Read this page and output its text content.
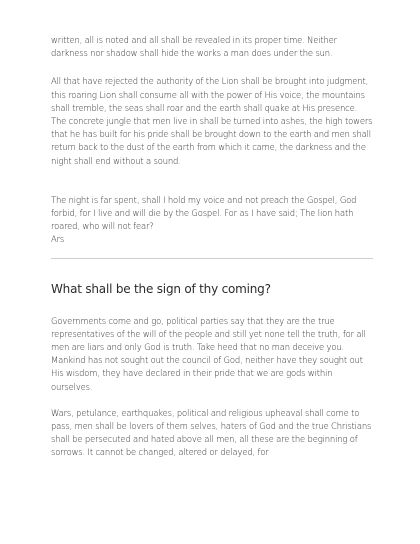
written, all is noted and all shall be revealed in its proper time. Neither darkness nor shadow shall hide the works a man does under the sun.

All that have rejected the authority of the Lion shall be brought into judgment, this roaring Lion shall consume all with the power of His voice, the mountains shall tremble, the seas shall roar and the earth shall quake at His presence. The concrete jungle that men live in shall be turned into ashes, the high towers that he has built for his pride shall be brought down to the earth and men shall return back to the dust of the earth from which it came, the darkness and the night shall end without a sound.

The night is far spent, shall I hold my voice and not preach the Gospel, God forbid, for I live and will die by the Gospel. For as I have said; The lion hath roared, who will not fear?

Ars

What shall be the sign of thy coming?

Governments come and go, political parties say that they are the true representatives of the will of the people and still yet none tell the truth, for all men are liars and only God is truth. Take heed that no man deceive you. Mankind has not sought out the council of God, neither have they sought out His wisdom, they have declared in their pride that we are gods within ourselves.

Wars, petulance, earthquakes, political and religious upheaval shall come to pass, men shall be lovers of them selves, haters of God and the true Christians shall be persecuted and hated above all men, all these are the beginning of sorrows. It cannot be changed, altered or delayed, for
